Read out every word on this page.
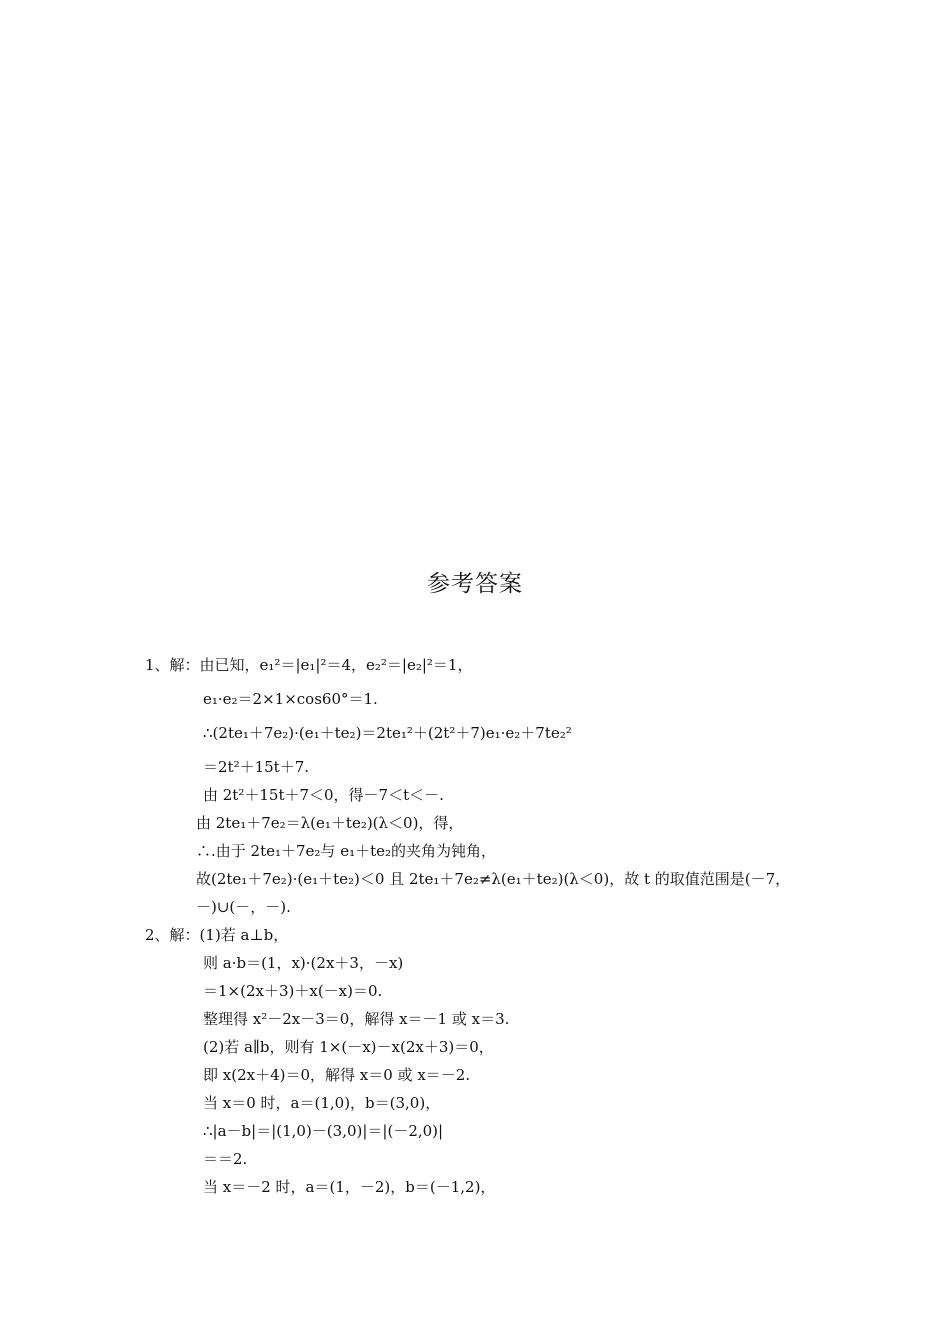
参考答案
1、解：由已知，e₁²＝|e₁|²＝4，e₂²＝|e₂|²＝1，
e₁·e₂＝2×1×cos60°＝1.
∴(2te₁＋7e₂)·(e₁＋te₂)＝2te₁²＋(2t²＋7)e₁·e₂＋7te₂²
＝2t²＋15t＋7.
由 2t²＋15t＋7＜0，得－7＜t＜－.
由 2te₁＋7e₂＝λ(e₁＋te₂)(λ＜0)，得，
∴.由于 2te₁＋7e₂与 e₁＋te₂的夹角为钝角，
故(2te₁＋7e₂)·(e₁＋te₂)＜0 且 2te₁＋7e₂≠λ(e₁＋te₂)(λ＜0)，故 t 的取值范围是(－7，
－)∪(－，－).
2、解：(1)若 a⊥b，
则 a·b＝(1，x)·(2x＋3，－x)
＝1×(2x＋3)＋x(－x)＝0.
整理得 x²－2x－3＝0，解得 x＝－1 或 x＝3.
(2)若 a∥b，则有 1×(－x)－x(2x＋3)＝0，
即 x(2x＋4)＝0，解得 x＝0 或 x＝－2.
当 x＝0 时，a＝(1,0)，b＝(3,0)，
∴|a－b|＝|(1,0)－(3,0)|＝|(－2,0)|
＝＝2.
当 x＝－2 时，a＝(1，－2)，b＝(－1,2)，
